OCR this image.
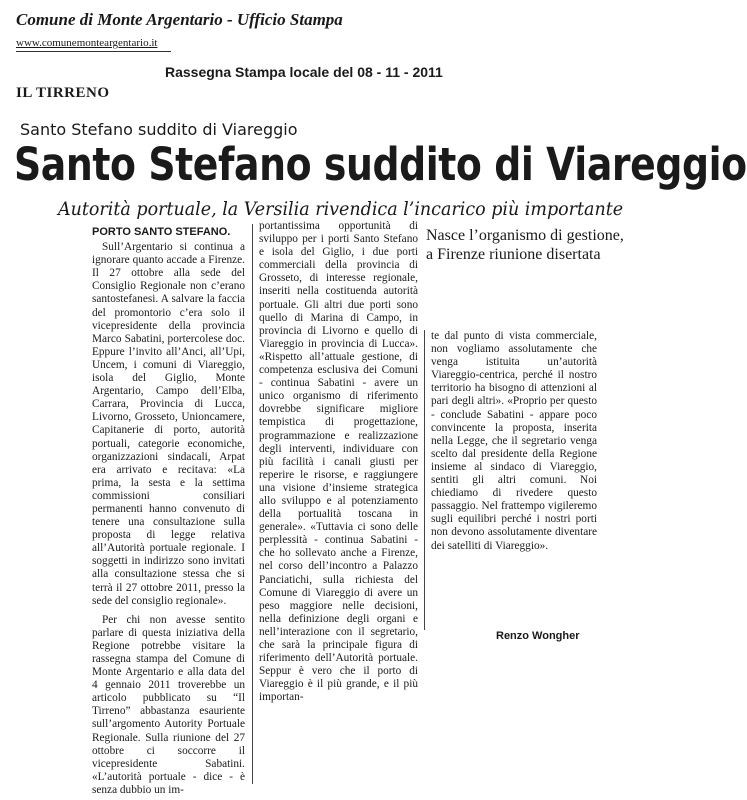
Comune di Monte Argentario - Ufficio Stampa
www.comunemonteargentario.it
Rassegna Stampa locale del 08 - 11 - 2011
IL TIRRENO
Santo Stefano suddito di Viareggio
Santo Stefano suddito di Viareggio
Autorità portuale, la Versilia rivendica l’incarico più importante
PORTO SANTO STEFANO.

Sull’Argentario si continua a ignorare quanto accade a Firenze. Il 27 ottobre alla sede del Consiglio Regionale non c’erano santostefanesi. A salvare la faccia del promontorio c’era solo il vicepresidente della provincia Marco Sabatini, portercolese doc. Eppure l’invito all’Anci, all’Upi, Uncem, i comuni di Viareggio, isola del Giglio, Monte Argentario, Campo dell’Elba, Carrara, Provincia di Lucca, Livorno, Grosseto, Unioncamere, Capitanerie di porto, autorità portuali, categorie economiche, organizzazioni sindacali, Arpat era arrivato e recitava: «La prima, la sesta e la settima commissioni consiliari permanenti hanno convenuto di tenere una consultazione sulla proposta di legge relativa all’Autorità portuale regionale. I soggetti in indirizzo sono invitati alla consultazione stessa che si terrà il 27 ottobre 2011, presso la sede del consiglio regionale».

Per chi non avesse sentito parlare di questa iniziativa della Regione potrebbe visitare la rassegna stampa del Comune di Monte Argentario e alla data del 4 gennaio 2011 troverebbe un articolo pubblicato su “Il Tirreno” abbastanza esauriente sull’argomento Autority Portuale Regionale. Sulla riunione del 27 ottobre ci soccorre il vicepresidente Sabatini. «L’autorità portuale - dice - è senza dubbio un im-

portantissima opportunità di sviluppo per i porti Santo Stefano e isola del Giglio, i due porti commerciali della provincia di Grosseto, di interesse regionale, inseriti nella costituenda autorità portuale. Gli altri due porti sono quello di Marina di Campo, in provincia di Livorno e quello di Viareggio in provincia di Lucca». «Rispetto all’attuale gestione, di competenza esclusiva dei Comuni - continua Sabatini - avere un unico organismo di riferimento dovrebbe significare migliore tempistica di progettazione, programmazione e realizzazione degli interventi, individuare con più facilità i canali giusti per reperire le risorse, e raggiungere una visione d’insieme strategica allo sviluppo e al potenziamento della portualità toscana in generale». «Tuttavia ci sono delle perplessità - continua Sabatini - che ho sollevato anche a Firenze, nel corso dell’incontro a Palazzo Panciatichi, sulla richiesta del Comune di Viareggio di avere un peso maggiore nelle decisioni, nella definizione degli organi e nell’interazione con il segretario, che sarà la principale figura di riferimento dell’Autorità portuale. Seppur è vero che il porto di Viareggio è il più grande, e il più importan-

Nasce l’organismo di gestione, a Firenze riunione disertata

te dal punto di vista commerciale, non vogliamo assolutamente che venga istituita un’autorità Viareggio-centrica, perché il nostro territorio ha bisogno di attenzioni al pari degli altri». «Proprio per questo - conclude Sabatini - appare poco convincente la proposta, inserita nella Legge, che il segretario venga scelto dal presidente della Regione insieme al sindaco di Viareggio, sentiti gli altri comuni. Noi chiediamo di rivedere questo passaggio. Nel frattempo vigileremo sugli equilibri perché i nostri porti non devono assolutamente diventare dei satelliti di Viareggio».

Renzo Wongher
